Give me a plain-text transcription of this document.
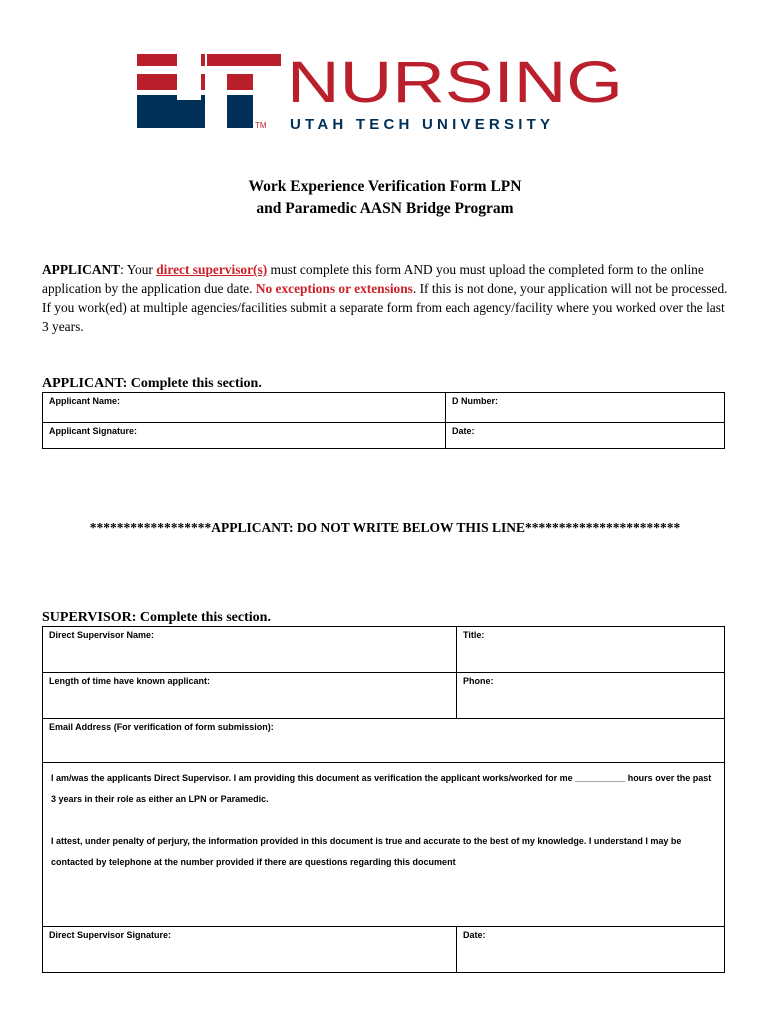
TM
NURSING
UTAH TECH UNIVERSITY
Work Experience Verification Form LPN
and Paramedic AASN Bridge Program
APPLICANT: Your direct supervisor(s) must complete this form AND you must upload the completed form to the online application by the application due date. No exceptions or extensions. If this is not done, your application will not be processed. If you work(ed) at multiple agencies/facilities submit a separate form from each agency/facility where you worked over the last 3 years.
APPLICANT: Complete this section.
Applicant Name:	D Number:
Applicant Signature:	Date:
******************APPLICANT: DO NOT WRITE BELOW THIS LINE***********************
SUPERVISOR: Complete this section.
Direct Supervisor Name:	Title:
Length of time have known applicant:	Phone:
Email Address (For verification of form submission):	

I am/was the applicants Direct Supervisor. I am providing this document as verification the applicant works/worked for me __________ hours over the past 3 years in their role as either an LPN or Paramedic.

I attest, under penalty of perjury, the information provided in this document is true and accurate to the best of my knowledge. I understand I may be contacted by telephone at the number provided if there are questions regarding this document	

Direct Supervisor Signature:	Date:
